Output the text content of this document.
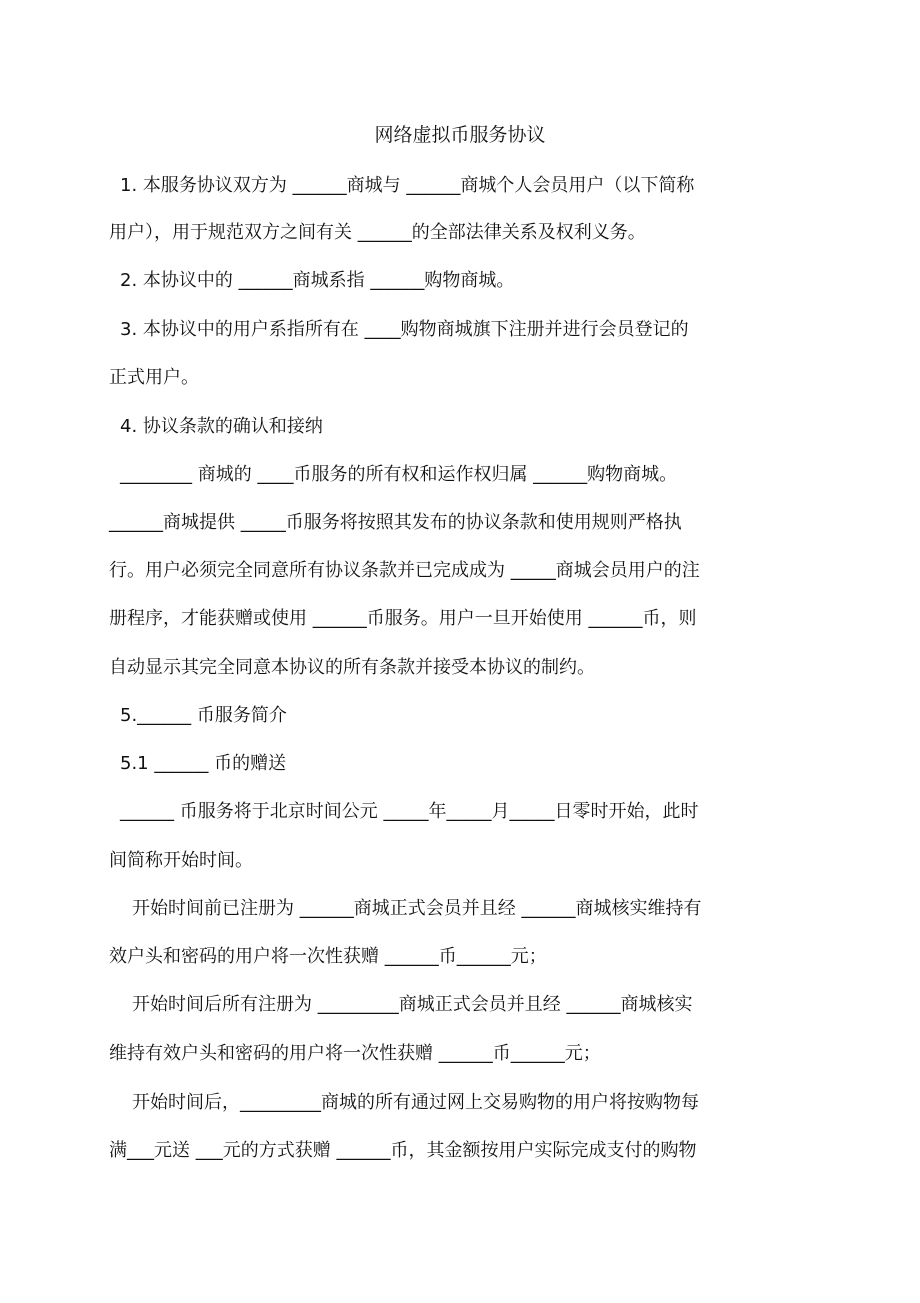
网络虚拟币服务协议
1. 本服务协议双方为 ______商城与 ______商城个人会员用户（以下简称
用户），用于规范双方之间有关 ______的全部法律关系及权利义务。
2. 本协议中的 ______商城系指 ______购物商城。
3. 本协议中的用户系指所有在 ____购物商城旗下注册并进行会员登记的
正式用户。
4. 协议条款的确认和接纳
________ 商城的 ____币服务的所有权和运作权归属 ______购物商城。
______商城提供 _____币服务将按照其发布的协议条款和使用规则严格执
行。用户必须完全同意所有协议条款并已完成成为 _____商城会员用户的注
册程序，才能获赠或使用 ______币服务。用户一旦开始使用 ______币，则
自动显示其完全同意本协议的所有条款并接受本协议的制约。
5.______ 币服务简介
5.1 ______ 币的赠送
______ 币服务将于北京时间公元 _____年_____月_____日零时开始，此时
间简称开始时间。
开始时间前已注册为 ______商城正式会员并且经 ______商城核实维持有
效户头和密码的用户将一次性获赠 ______币______元；
开始时间后所有注册为 _________商城正式会员并且经 ______商城核实
维持有效户头和密码的用户将一次性获赠 ______币______元；
开始时间后，_________商城的所有通过网上交易购物的用户将按购物每
满___元送 ___元的方式获赠 ______币，其金额按用户实际完成支付的购物
